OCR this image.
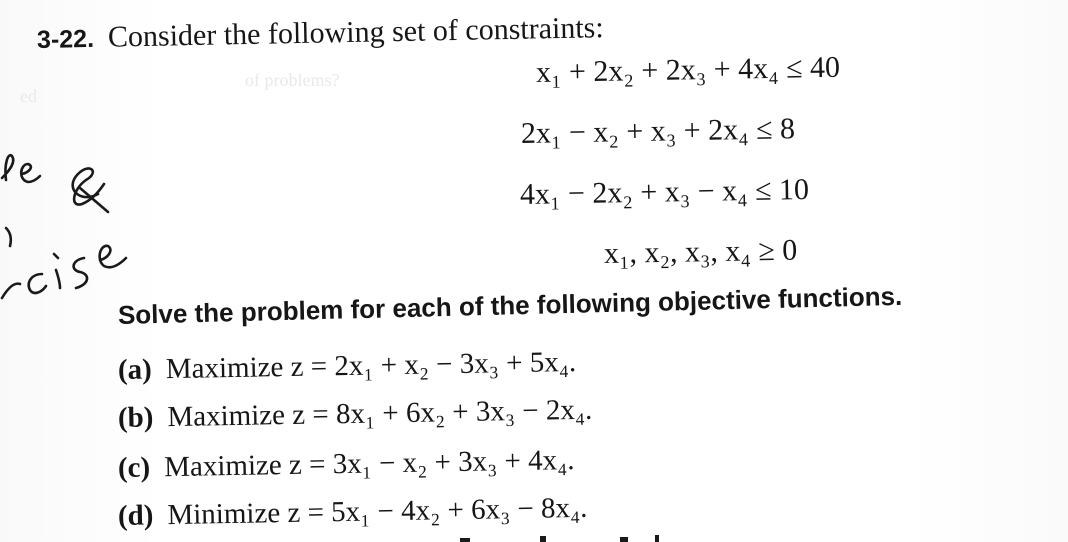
ed
of problems?
3-22. Consider the following set of constraints:
x₁ + 2x₂ + 2x₃ + 4x₄ ≤ 40
2x₁ − x₂ + x₃ + 2x₄ ≤ 8
4x₁ − 2x₂ + x₃ − x₄ ≤ 10
x₁, x₂, x₃, x₄ ≥ 0
Solve the problem for each of the following objective functions.
(a) Maximize z = 2x₁ + x₂ − 3x₃ + 5x₄.
(b) Maximize z = 8x₁ + 6x₂ + 3x₃ − 2x₄.
(c) Maximize z = 3x₁ − x₂ + 3x₃ + 4x₄.
(d) Minimize z = 5x₁ − 4x₂ + 6x₃ − 8x₄.
